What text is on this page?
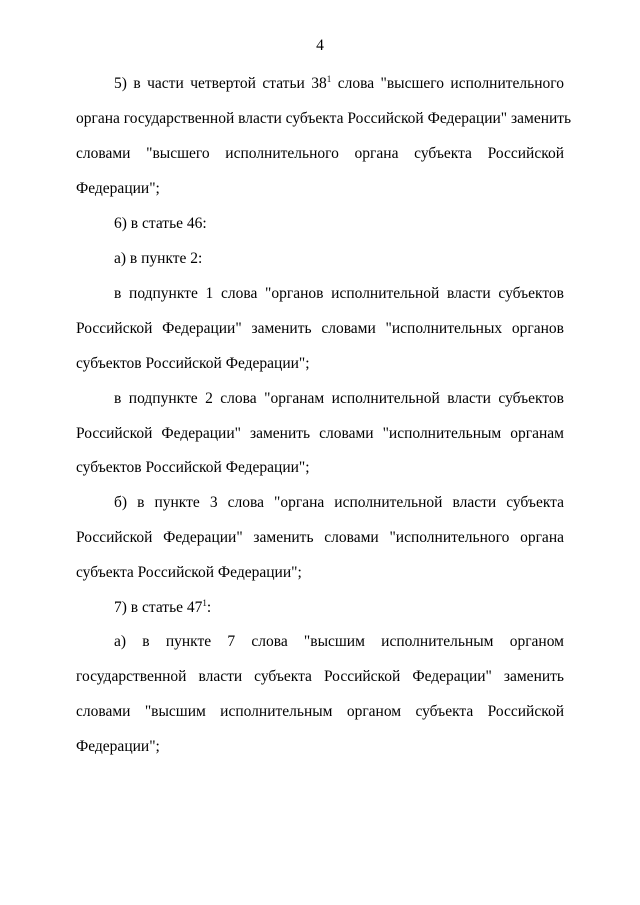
4
5) в части четвертой статьи $38^1$ слова "высшего исполнительного
органа государственной власти субъекта Российской Федерации" заменить
словами "высшего исполнительного органа субъекта Российской
Федерации";
6) в статье 46:
а) в пункте 2:
в подпункте 1 слова "органов исполнительной власти субъектов
Российской Федерации" заменить словами "исполнительных органов
субъектов Российской Федерации";
в подпункте 2 слова "органам исполнительной власти субъектов
Российской Федерации" заменить словами "исполнительным органам
субъектов Российской Федерации";
б) в пункте 3 слова "органа исполнительной власти субъекта
Российской Федерации" заменить словами "исполнительного органа
субъекта Российской Федерации";
7) в статье $47^1$:
а) в пункте 7 слова "высшим исполнительным органом
государственной власти субъекта Российской Федерации" заменить
словами "высшим исполнительным органом субъекта Российской
Федерации";
